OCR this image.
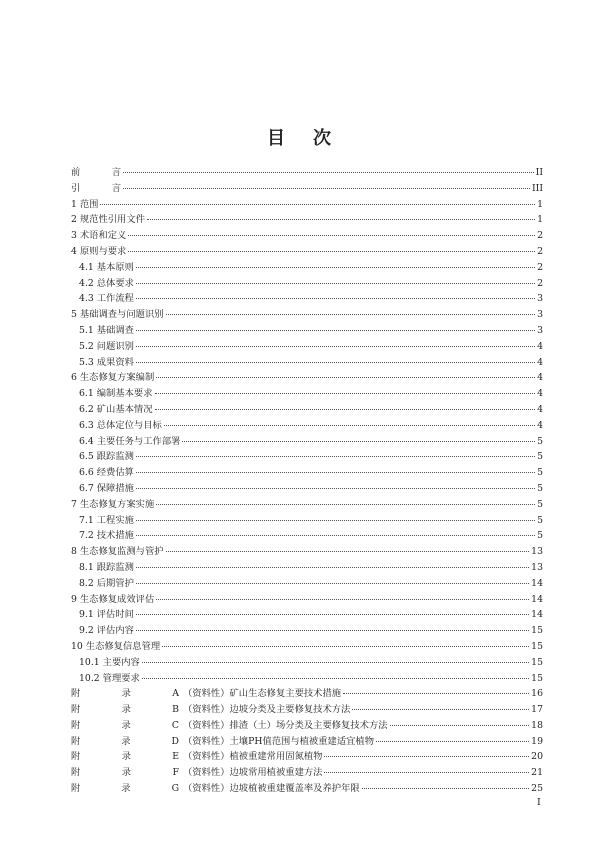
目 次
前	言	II
引	言	III
1 范围	1
2 规范性引用文件	1
3 术语和定义	2
4 原则与要求	2
4.1 基本原则	2
4.2 总体要求	2
4.3 工作流程	3
5 基础调查与问题识别	3
5.1 基础调查	3
5.2 问题识别	4
5.3 成果资料	4
6 生态修复方案编制	4
6.1 编制基本要求	4
6.2 矿山基本情况	4
6.3 总体定位与目标	4
6.4 主要任务与工作部署	5
6.5 跟踪监测	5
6.6 经费估算	5
6.7 保障措施	5
7 生态修复方案实施	5
7.1 工程实施	5
7.2 技术措施	5
8 生态修复监测与管护	13
8.1 跟踪监测	13
8.2 后期管护	14
9 生态修复成效评估	14
9.1 评估时间	14
9.2 评估内容	15
10 生态修复信息管理	15
10.1 主要内容	15
10.2 管理要求	15
附	录	A （资料性）矿山生态修复主要技术措施	16
附	录	B （资料性）边坡分类及主要修复技术方法	17
附	录	C （资料性）排渣（土）场分类及主要修复技术方法	18
附	录	D （资料性）土壤PH值范围与植被重建适宜植物	19
附	录	E （资料性）植被重建常用固氮植物	20
附	录	F （资料性）边坡常用植被重建方法	21
附	录	G （资料性）边坡植被重建覆盖率及养护年限	25
I
